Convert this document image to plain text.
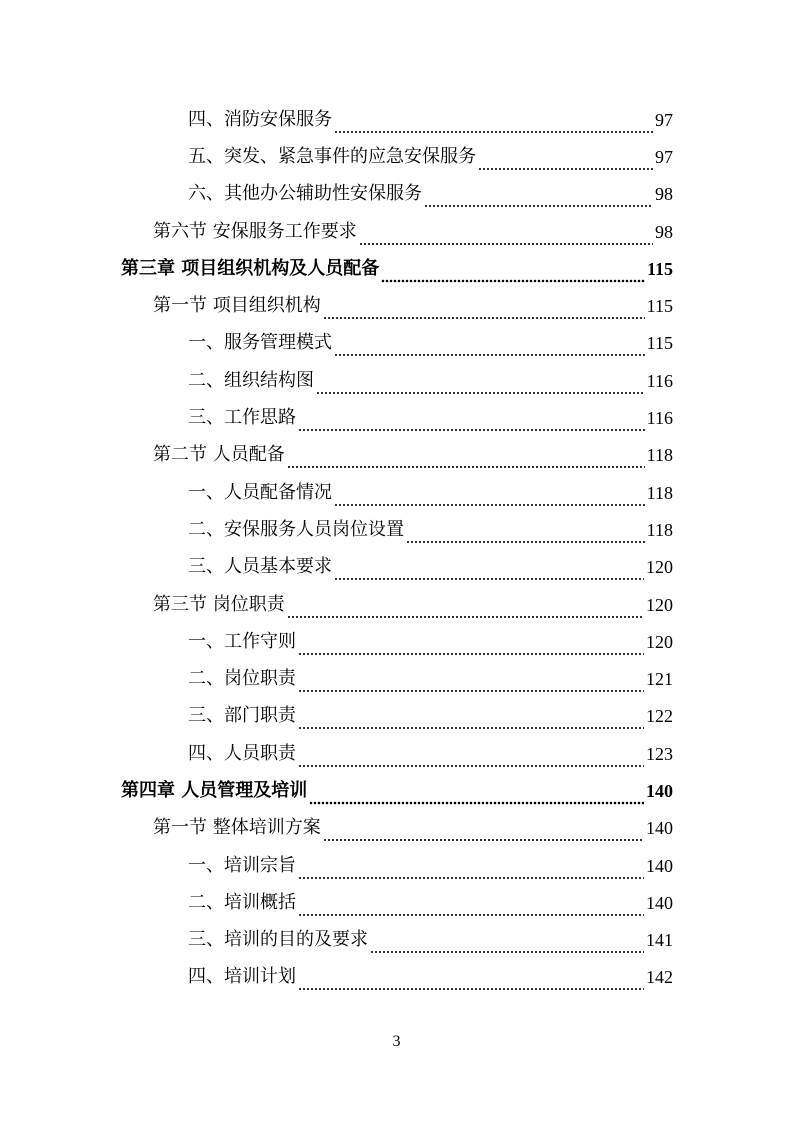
四、消防安保服务	97
五、突发、紧急事件的应急安保服务	97
六、其他办公辅助性安保服务	98
第六节 安保服务工作要求	98
第三章 项目组织机构及人员配备	115
第一节 项目组织机构	115
一、服务管理模式	115
二、组织结构图	116
三、工作思路	116
第二节 人员配备	118
一、人员配备情况	118
二、安保服务人员岗位设置	118
三、人员基本要求	120
第三节 岗位职责	120
一、工作守则	120
二、岗位职责	121
三、部门职责	122
四、人员职责	123
第四章 人员管理及培训	140
第一节 整体培训方案	140
一、培训宗旨	140
二、培训概括	140
三、培训的目的及要求	141
四、培训计划	142
3
